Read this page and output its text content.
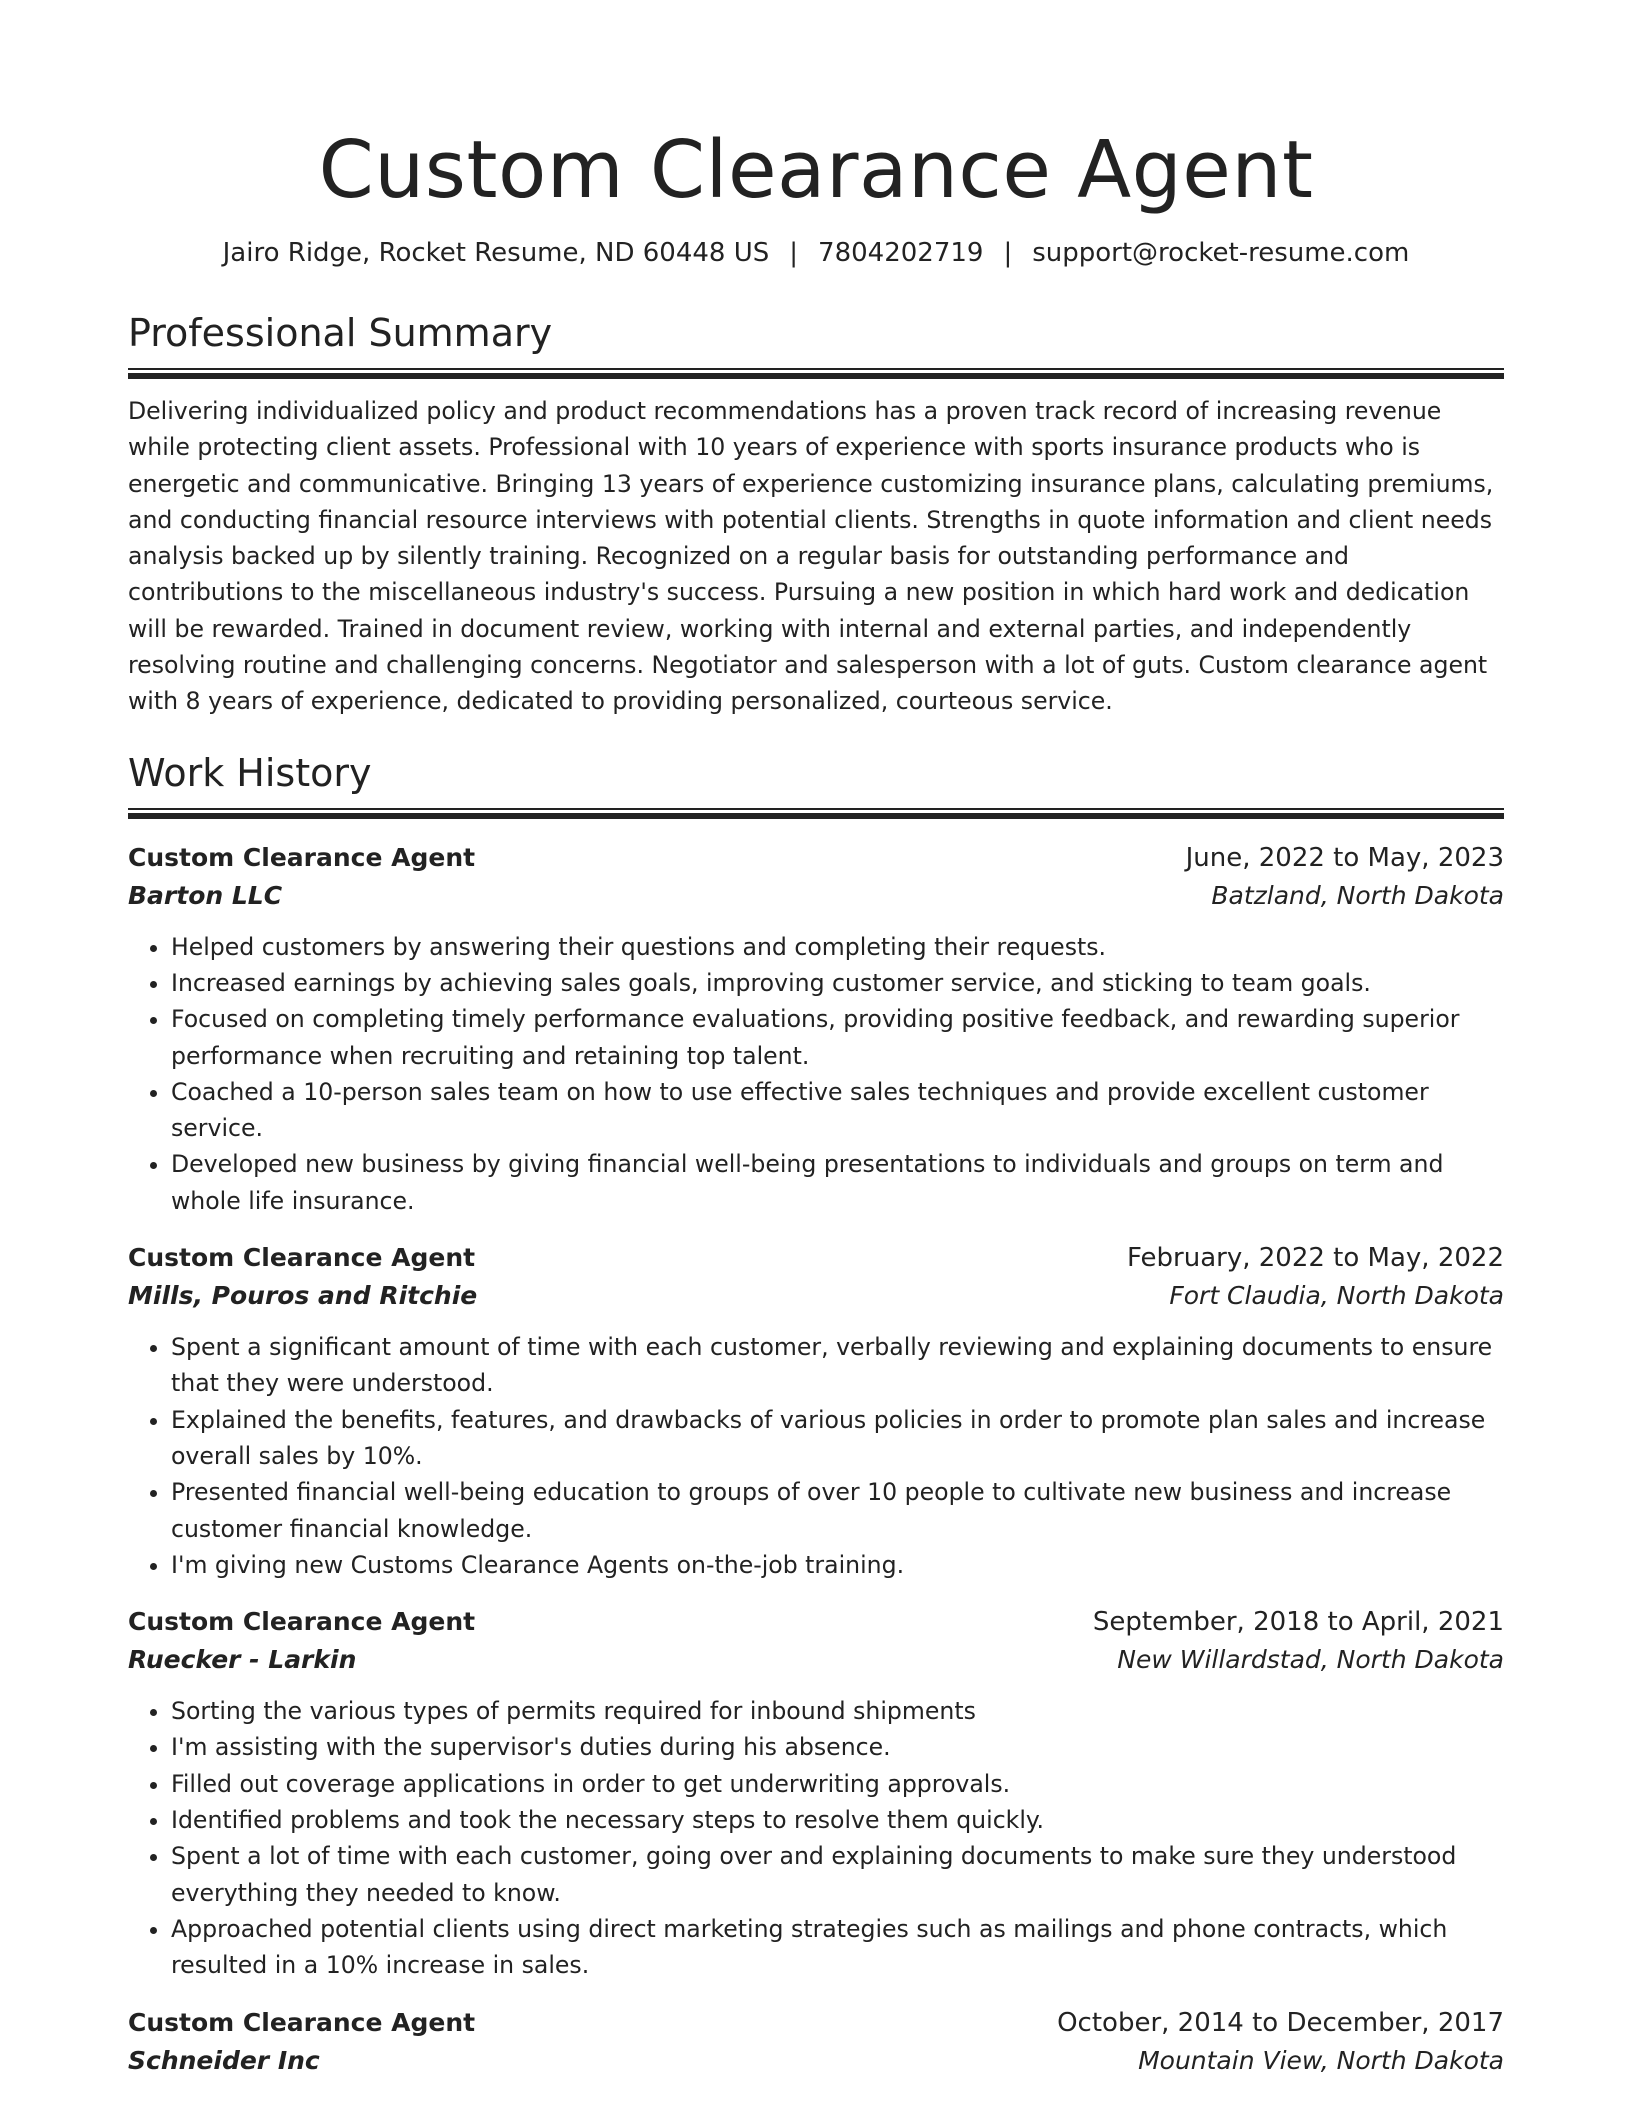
Custom Clearance Agent
Jairo Ridge, Rocket Resume, ND 60448 US | 7804202719 | support@rocket-resume.com
Professional Summary
Delivering individualized policy and product recommendations has a proven track record of increasing revenue while protecting client assets. Professional with 10 years of experience with sports insurance products who is energetic and communicative. Bringing 13 years of experience customizing insurance plans, calculating premiums, and conducting financial resource interviews with potential clients. Strengths in quote information and client needs analysis backed up by silently training. Recognized on a regular basis for outstanding performance and contributions to the miscellaneous industry's success. Pursuing a new position in which hard work and dedication will be rewarded. Trained in document review, working with internal and external parties, and independently resolving routine and challenging concerns. Negotiator and salesperson with a lot of guts. Custom clearance agent with 8 years of experience, dedicated to providing personalized, courteous service.
Work History
Custom Clearance Agent	June, 2022 to May, 2023
Barton LLC	Batzland, North Dakota
• Helped customers by answering their questions and completing their requests.
• Increased earnings by achieving sales goals, improving customer service, and sticking to team goals.
• Focused on completing timely performance evaluations, providing positive feedback, and rewarding superior performance when recruiting and retaining top talent.
• Coached a 10-person sales team on how to use effective sales techniques and provide excellent customer service.
• Developed new business by giving financial well-being presentations to individuals and groups on term and whole life insurance.
Custom Clearance Agent	February, 2022 to May, 2022
Mills, Pouros and Ritchie	Fort Claudia, North Dakota
• Spent a significant amount of time with each customer, verbally reviewing and explaining documents to ensure that they were understood.
• Explained the benefits, features, and drawbacks of various policies in order to promote plan sales and increase overall sales by 10%.
• Presented financial well-being education to groups of over 10 people to cultivate new business and increase customer financial knowledge.
• I'm giving new Customs Clearance Agents on-the-job training.
Custom Clearance Agent	September, 2018 to April, 2021
Ruecker - Larkin	New Willardstad, North Dakota
• Sorting the various types of permits required for inbound shipments
• I'm assisting with the supervisor's duties during his absence.
• Filled out coverage applications in order to get underwriting approvals.
• Identified problems and took the necessary steps to resolve them quickly.
• Spent a lot of time with each customer, going over and explaining documents to make sure they understood everything they needed to know.
• Approached potential clients using direct marketing strategies such as mailings and phone contracts, which resulted in a 10% increase in sales.
Custom Clearance Agent	October, 2014 to December, 2017
Schneider Inc	Mountain View, North Dakota
